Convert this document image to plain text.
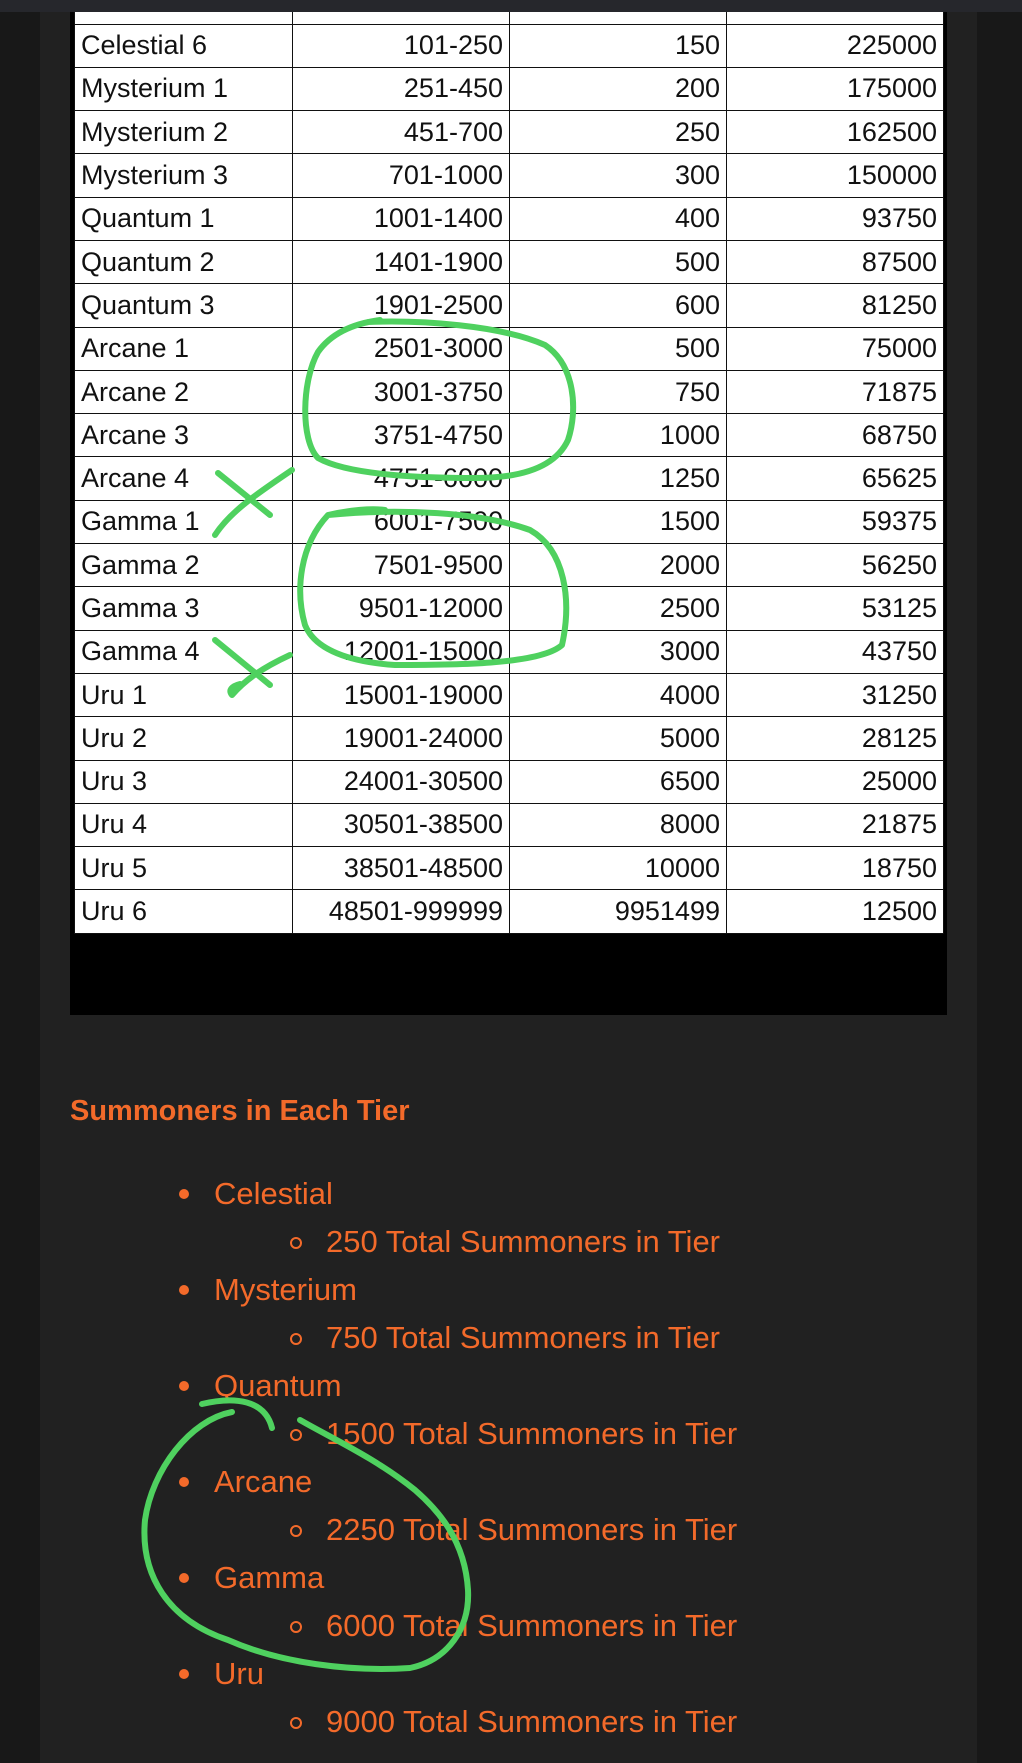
Celestial 6	101-250	150	225000
Mysterium 1	251-450	200	175000
Mysterium 2	451-700	250	162500
Mysterium 3	701-1000	300	150000
Quantum 1	1001-1400	400	93750
Quantum 2	1401-1900	500	87500
Quantum 3	1901-2500	600	81250
Arcane 1	2501-3000	500	75000
Arcane 2	3001-3750	750	71875
Arcane 3	3751-4750	1000	68750
Arcane 4	4751-6000	1250	65625
Gamma 1	6001-7500	1500	59375
Gamma 2	7501-9500	2000	56250
Gamma 3	9501-12000	2500	53125
Gamma 4	12001-15000	3000	43750
Uru 1	15001-19000	4000	31250
Uru 2	19001-24000	5000	28125
Uru 3	24001-30500	6500	25000
Uru 4	30501-38500	8000	21875
Uru 5	38501-48500	10000	18750
Uru 6	48501-999999	9951499	12500
Summoners in Each Tier
Celestial
250 Total Summoners in Tier
Mysterium
750 Total Summoners in Tier
Quantum
1500 Total Summoners in Tier
Arcane
2250 Total Summoners in Tier
Gamma
6000 Total Summoners in Tier
Uru
9000 Total Summoners in Tier
